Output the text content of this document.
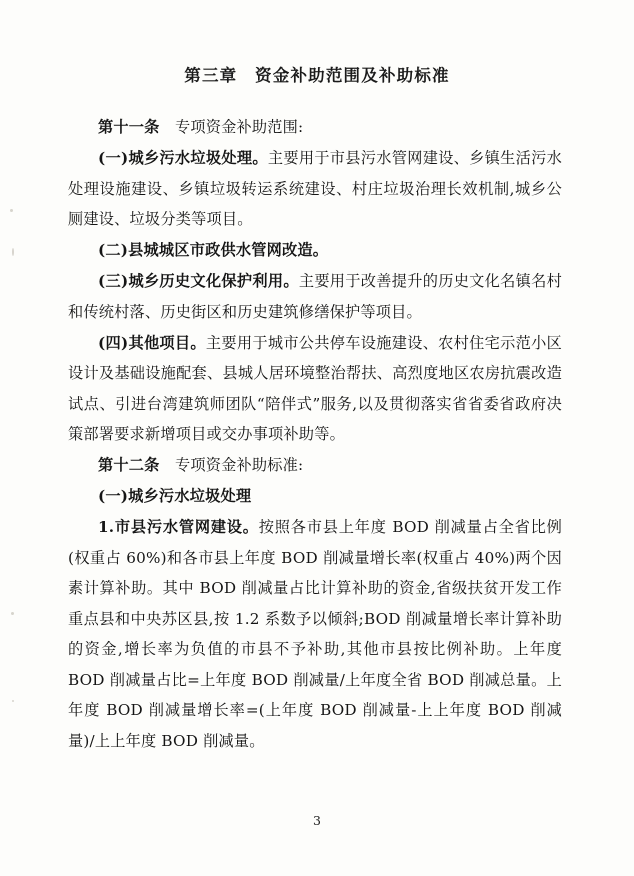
第三章　资金补助范围及补助标准

第十一条　专项资金补助范围:

(一)城乡污水垃圾处理。主要用于市县污水管网建设、乡镇生活污水处理设施建设、乡镇垃圾转运系统建设、村庄垃圾治理长效机制,城乡公厕建设、垃圾分类等项目。

(二)县城城区市政供水管网改造。

(三)城乡历史文化保护利用。主要用于改善提升的历史文化名镇名村和传统村落、历史街区和历史建筑修缮保护等项目。

(四)其他项目。主要用于城市公共停车设施建设、农村住宅示范小区设计及基础设施配套、县城人居环境整治帮扶、高烈度地区农房抗震改造试点、引进台湾建筑师团队“陪伴式”服务,以及贯彻落实省省委省政府决策部署要求新增项目或交办事项补助等。

第十二条　专项资金补助标准:

(一)城乡污水垃圾处理

1.市县污水管网建设。按照各市县上年度 BOD 削减量占全省比例(权重占 60%)和各市县上年度 BOD 削减量增长率(权重占 40%)两个因素计算补助。其中 BOD 削减量占比计算补助的资金,省级扶贫开发工作重点县和中央苏区县,按 1.2 系数予以倾斜;BOD 削减量增长率计算补助的资金,增长率为负值的市县不予补助,其他市县按比例补助。上年度 BOD 削减量占比=上年度 BOD 削减量/上年度全省 BOD 削减总量。上年度 BOD 削减量增长率=(上年度 BOD 削减量-上上年度 BOD 削减量)/上上年度 BOD 削减量。

3
